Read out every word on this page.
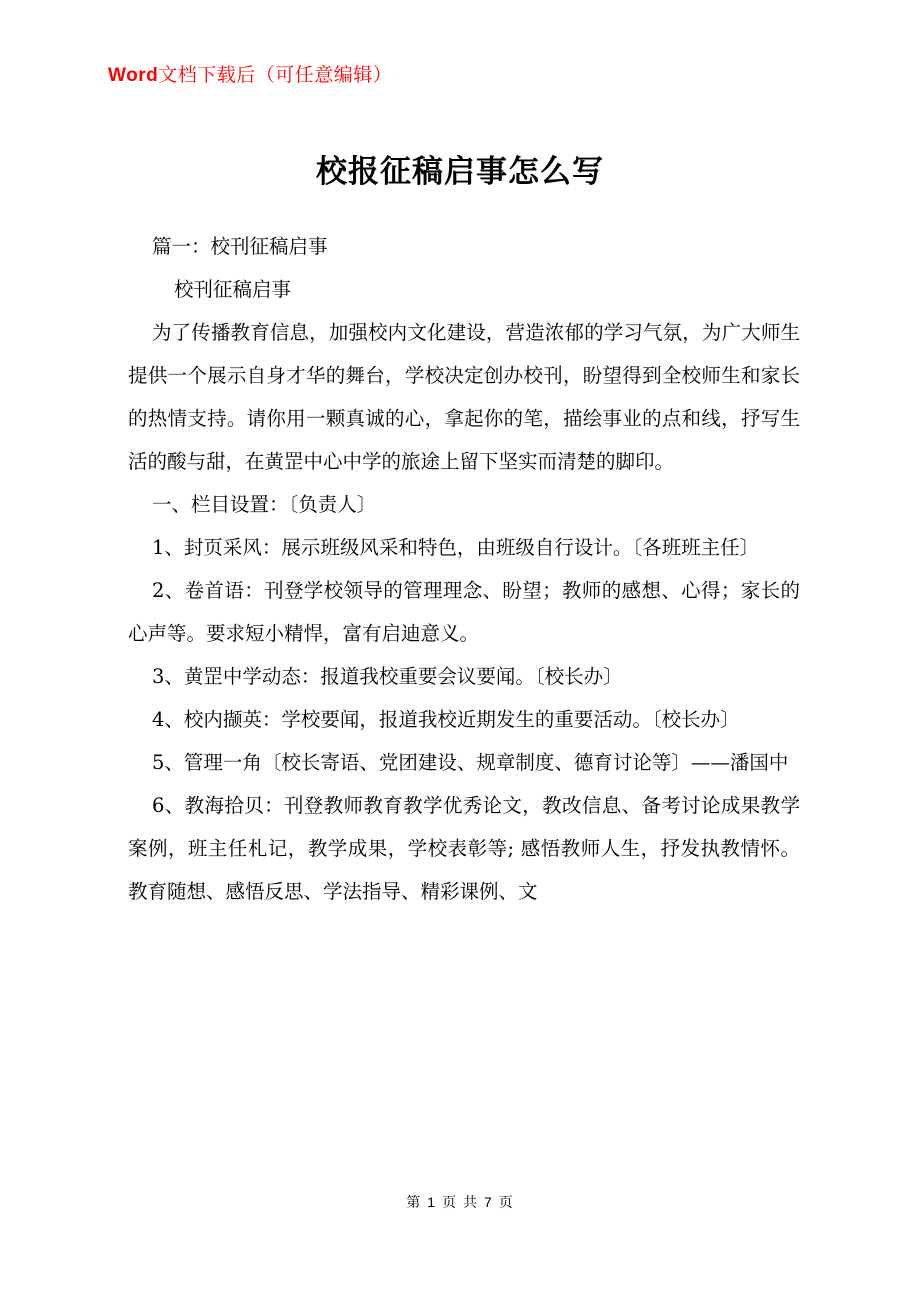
Word文档下载后（可任意编辑）
校报征稿启事怎么写

篇一：校刊征稿启事

校刊征稿启事

为了传播教育信息，加强校内文化建设，营造浓郁的学习气氛，为广大师生提供一个展示自身才华的舞台，学校决定创办校刊，盼望得到全校师生和家长的热情支持。请你用一颗真诚的心，拿起你的笔，描绘事业的点和线，抒写生活的酸与甜，在黄罡中心中学的旅途上留下坚实而清楚的脚印。

一、栏目设置：〔负责人〕

1、封页采风：展示班级风采和特色，由班级自行设计。〔各班班主任〕

2、卷首语：刊登学校领导的管理理念、盼望；教师的感想、心得；家长的心声等。要求短小精悍，富有启迪意义。

3、黄罡中学动态：报道我校重要会议要闻。〔校长办〕

4、校内撷英：学校要闻，报道我校近期发生的重要活动。〔校长办〕

5、管理一角〔校长寄语、党团建设、规章制度、德育讨论等〕——潘国中

6、教海拾贝：刊登教师教育教学优秀论文，教改信息、备考讨论成果教学案例，班主任札记，教学成果，学校表彰等; 感悟教师人生，抒发执教情怀。教育随想、感悟反思、学法指导、精彩课例、文

第 1 页 共 7 页
